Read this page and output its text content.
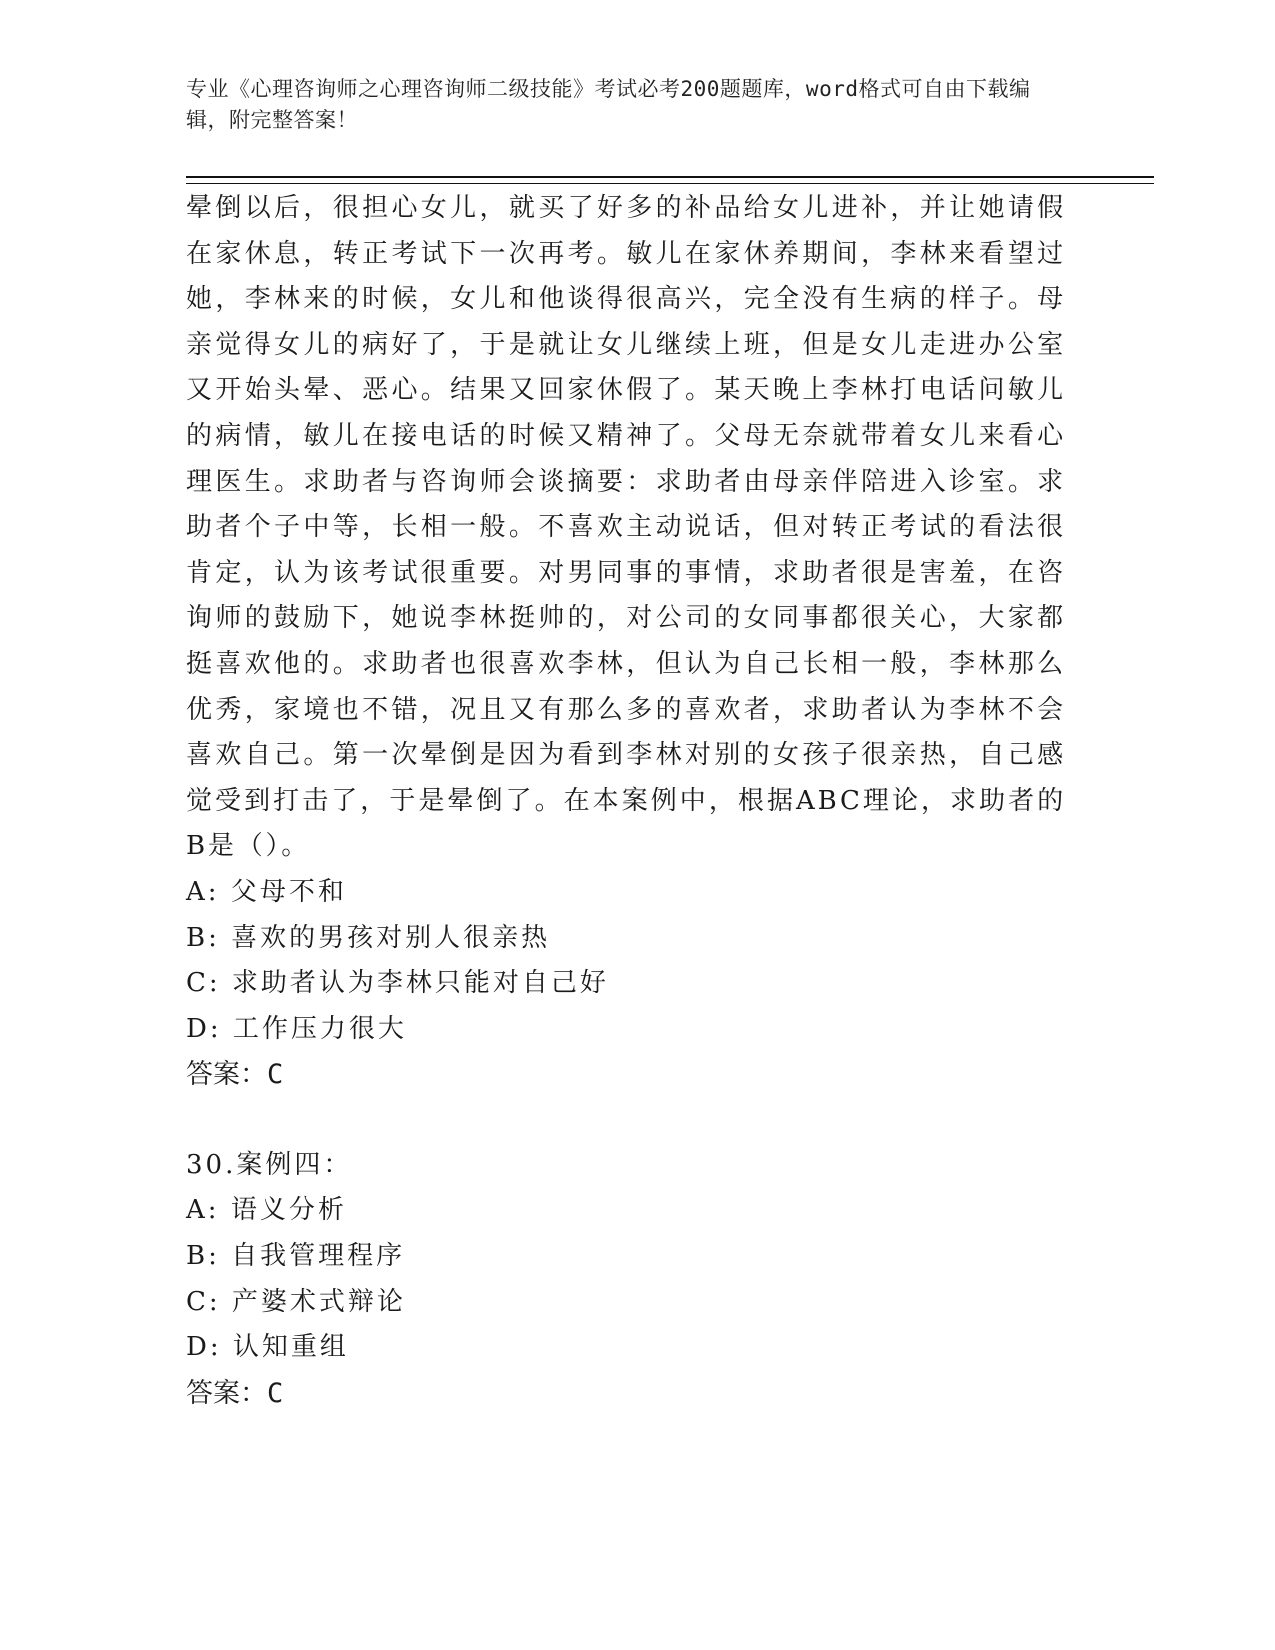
专业《心理咨询师之心理咨询师二级技能》考试必考200题题库，word格式可自由下载编辑，附完整答案！

晕倒以后，很担心女儿，就买了好多的补品给女儿进补，并让她请假在家休息，转正考试下一次再考。敏儿在家休养期间，李林来看望过她，李林来的时候，女儿和他谈得很高兴，完全没有生病的样子。母亲觉得女儿的病好了，于是就让女儿继续上班，但是女儿走进办公室又开始头晕、恶心。结果又回家休假了。某天晚上李林打电话问敏儿的病情，敏儿在接电话的时候又精神了。父母无奈就带着女儿来看心理医生。求助者与咨询师会谈摘要：求助者由母亲伴陪进入诊室。求助者个子中等，长相一般。不喜欢主动说话，但对转正考试的看法很肯定，认为该考试很重要。对男同事的事情，求助者很是害羞，在咨询师的鼓励下，她说李林挺帅的，对公司的女同事都很关心，大家都挺喜欢他的。求助者也很喜欢李林，但认为自己长相一般，李林那么优秀，家境也不错，况且又有那么多的喜欢者，求助者认为李林不会喜欢自己。第一次晕倒是因为看到李林对别的女孩子很亲热，自己感觉受到打击了，于是晕倒了。在本案例中，根据ABC理论，求助者的B是（）。

A: 父母不和
B: 喜欢的男孩对别人很亲热
C: 求助者认为李林只能对自己好
D: 工作压力很大

答案：C

30.案例四：

A: 语义分析
B: 自我管理程序
C: 产婆术式辩论
D: 认知重组

答案：C
